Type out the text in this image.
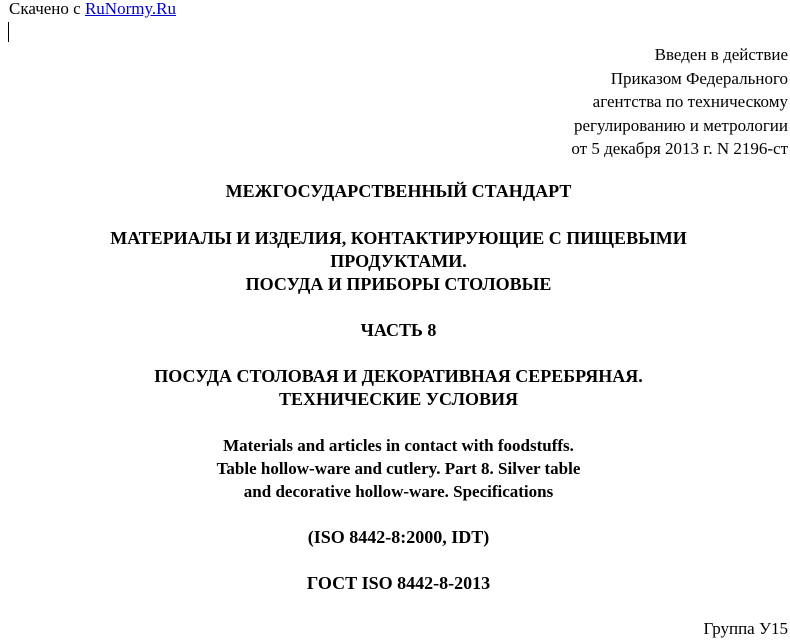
Скачено с RuNormy.Ru
Введен в действие
Приказом Федерального
агентства по техническому
регулированию и метрологии
от 5 декабря 2013 г. N 2196-ст
МЕЖГОСУДАРСТВЕННЫЙ СТАНДАРТ
МАТЕРИАЛЫ И ИЗДЕЛИЯ, КОНТАКТИРУЮЩИЕ С ПИЩЕВЫМИ
ПРОДУКТАМИ.
ПОСУДА И ПРИБОРЫ СТОЛОВЫЕ
ЧАСТЬ 8
ПОСУДА СТОЛОВАЯ И ДЕКОРАТИВНАЯ СЕРЕБРЯНАЯ.
ТЕХНИЧЕСКИЕ УСЛОВИЯ
Materials and articles in contact with foodstuffs.
Table hollow-ware and cutlery. Part 8. Silver table
and decorative hollow-ware. Specifications
(ISO 8442-8:2000, IDT)
ГОСТ ISO 8442-8-2013
Группа У15
